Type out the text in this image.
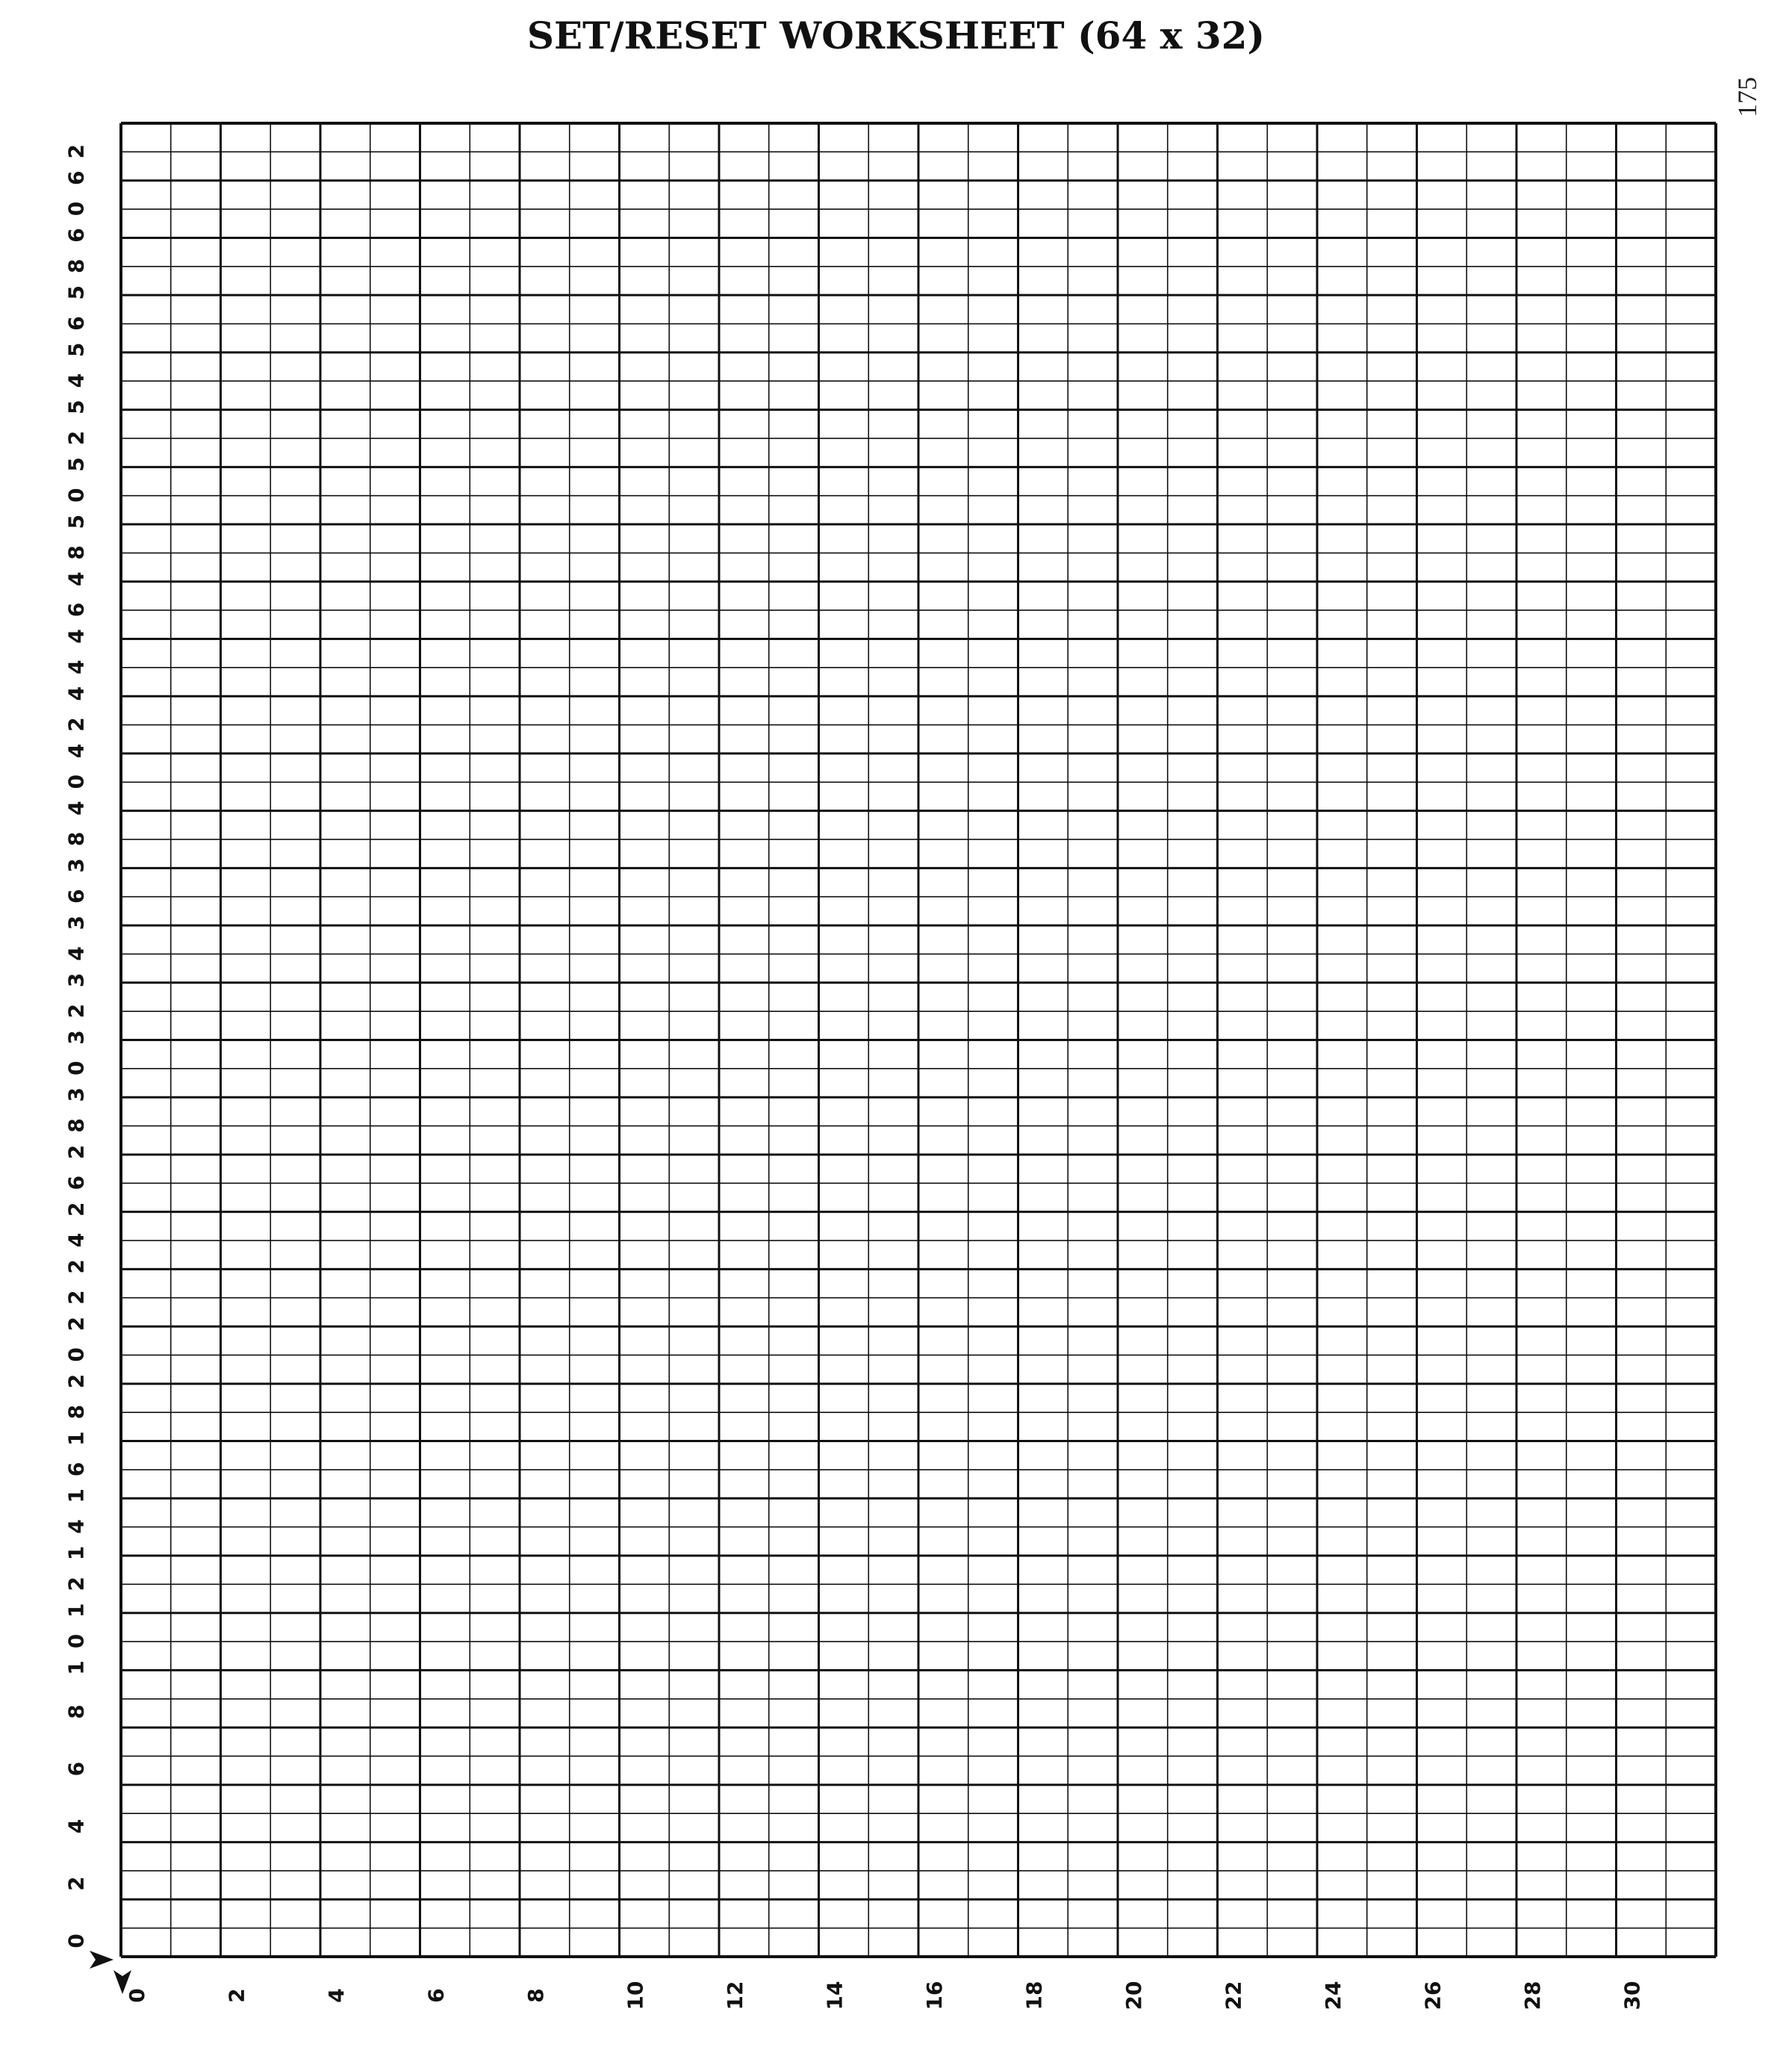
SET/RESET WORKSHEET (64 x 32)
175
0
2
4
6
8
10
12
14
16
18
20
22
24
26
28
30
32
34
36
38
40
42
44
46
48
50
52
54
56
58
60
62
0	2	4	6	8	10	12	14	16	18	20	22	24	26	28	30
